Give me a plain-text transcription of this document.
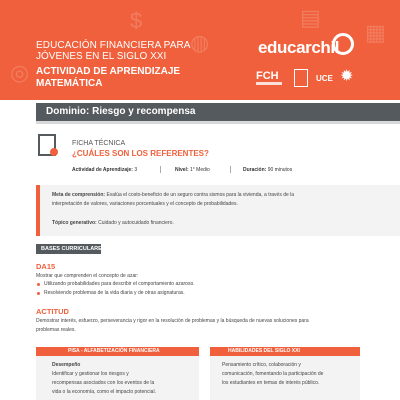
$
◍
▤
▦
◎
EDUCACIÓN FINANCIERA PARA
JÓVENES EN EL SIGLO XXI
ACTIVIDAD DE APRENDIZAJE
MATEMÁTICA
educarchil
FCH	UCE ✹
Dominio: Riesgo y recompensa
FICHA TÉCNICA
¿CUÁLES SON LOS REFERENTES?
Actividad de Aprendizaje: 3	Nivel: 1° Medio	Duración: 90 minutos
Meta de comprensión: Evalúa el costo-beneficio de un seguro contra sismos para la vivienda, a través de la
interpretación de valores, variaciones porcentuales y el concepto de probabilidades.
Tópico generativo: Cuidado y autocuidado financiero.
BASES CURRICULARES
DA15
Mostrar que comprenden el concepto de azar:
Utilizando probabilidades para describir el comportamiento azaroso.
Resolviendo problemas de la vida diaria y de otras asignaturas.
ACTITUD
Demostrar interés, esfuerzo, perseverancia y rigor en la resolución de problemas y la búsqueda de nuevas soluciones para
problemas reales.
PISA - ALFABETIZACIÓN FINANCIERA
Desempeño
Identificar y gestionar los riesgos y
recompensas asociados con los eventos de la
vida o la economía, como el impacto potencial.
HABILIDADES DEL SIGLO XXI
Pensamiento crítico, colaboración y
comunicación, fomentando la participación de
los estudiantes en temas de interés público.
